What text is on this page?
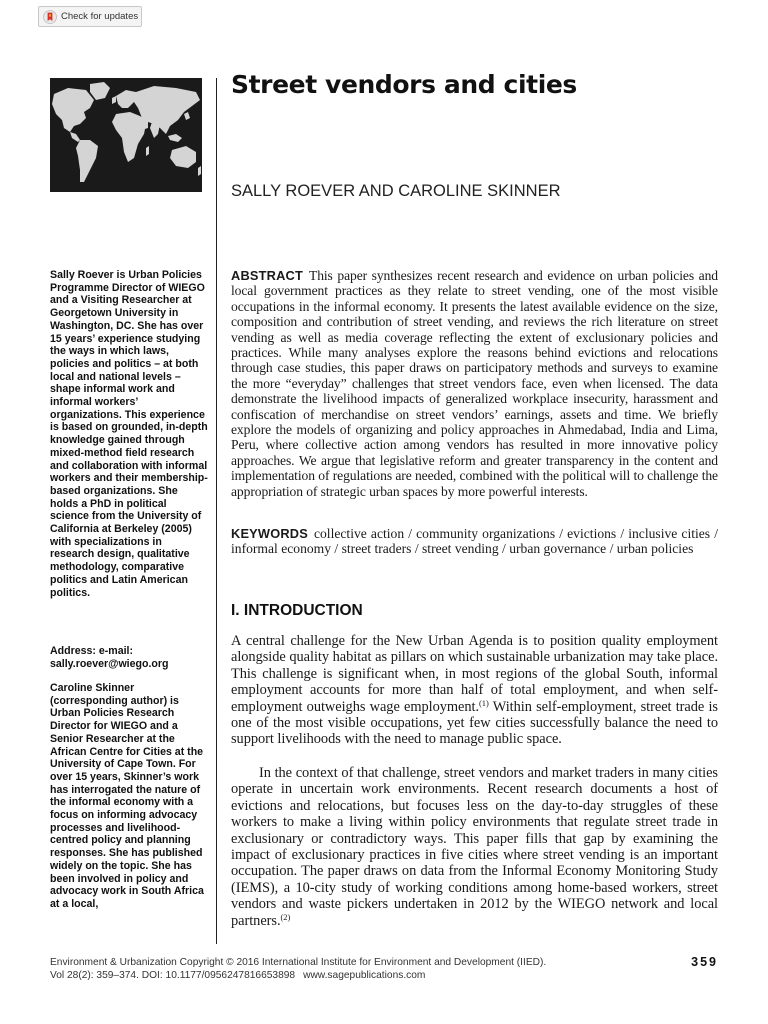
Check for updates
Street vendors and cities

SALLY ROEVER AND CAROLINE SKINNER

Sally Roever is Urban Policies Programme Director of WIEGO and a Visiting Researcher at Georgetown University in Washington, DC. She has over 15 years’ experience studying the ways in which laws, policies and politics – at both local and national levels – shape informal work and informal workers’ organizations. This experience is based on grounded, in-depth knowledge gained through mixed-method field research and collaboration with informal workers and their membership-based organizations. She holds a PhD in political science from the University of California at Berkeley (2005) with specializations in research design, qualitative methodology, comparative politics and Latin American politics.

Address: e-mail: sally.roever@wiego.org

Caroline Skinner (corresponding author) is Urban Policies Research Director for WIEGO and a Senior Researcher at the African Centre for Cities at the University of Cape Town. For over 15 years, Skinner’s work has interrogated the nature of the informal economy with a focus on informing advocacy processes and livelihood-centred policy and planning responses. She has published widely on the topic. She has been involved in policy and advocacy work in South Africa at a local,

ABSTRACT This paper synthesizes recent research and evidence on urban policies and local government practices as they relate to street vending, one of the most visible occupations in the informal economy. It presents the latest available evidence on the size, composition and contribution of street vending, and reviews the rich literature on street vending as well as media coverage reflecting the extent of exclusionary policies and practices. While many analyses explore the reasons behind evictions and relocations through case studies, this paper draws on participatory methods and surveys to examine the more “everyday” challenges that street vendors face, even when licensed. The data demonstrate the livelihood impacts of generalized workplace insecurity, harassment and confiscation of merchandise on street vendors’ earnings, assets and time. We briefly explore the models of organizing and policy approaches in Ahmedabad, India and Lima, Peru, where collective action among vendors has resulted in more innovative policy approaches. We argue that legislative reform and greater transparency in the content and implementation of regulations are needed, combined with the political will to challenge the appropriation of strategic urban spaces by more powerful interests.

KEYWORDS collective action / community organizations / evictions / inclusive cities / informal economy / street traders / street vending / urban governance / urban policies

I. INTRODUCTION

A central challenge for the New Urban Agenda is to position quality employment alongside quality habitat as pillars on which sustainable urbanization may take place. This challenge is significant when, in most regions of the global South, informal employment accounts for more than half of total employment, and when self-employment outweighs wage employment.$^{(1)}$ Within self-employment, street trade is one of the most visible occupations, yet few cities successfully balance the need to support livelihoods with the need to manage public space.

In the context of that challenge, street vendors and market traders in many cities operate in uncertain work environments. Recent research documents a host of evictions and relocations, but focuses less on the day-to-day struggles of these workers to make a living within policy environments that regulate street trade in exclusionary or contradictory ways. This paper fills that gap by examining the impact of exclusionary practices in five cities where street vending is an important occupation. The paper draws on data from the Informal Economy Monitoring Study (IEMS), a 10-city study of working conditions among home-based workers, street vendors and waste pickers undertaken in 2012 by the WIEGO network and local partners.$^{(2)}$

Environment & Urbanization Copyright © 2016 International Institute for Environment and Development (IIED).
Vol 28(2): 359–374. DOI: 10.1177/0956247816653898 www.sagepublications.com

359
